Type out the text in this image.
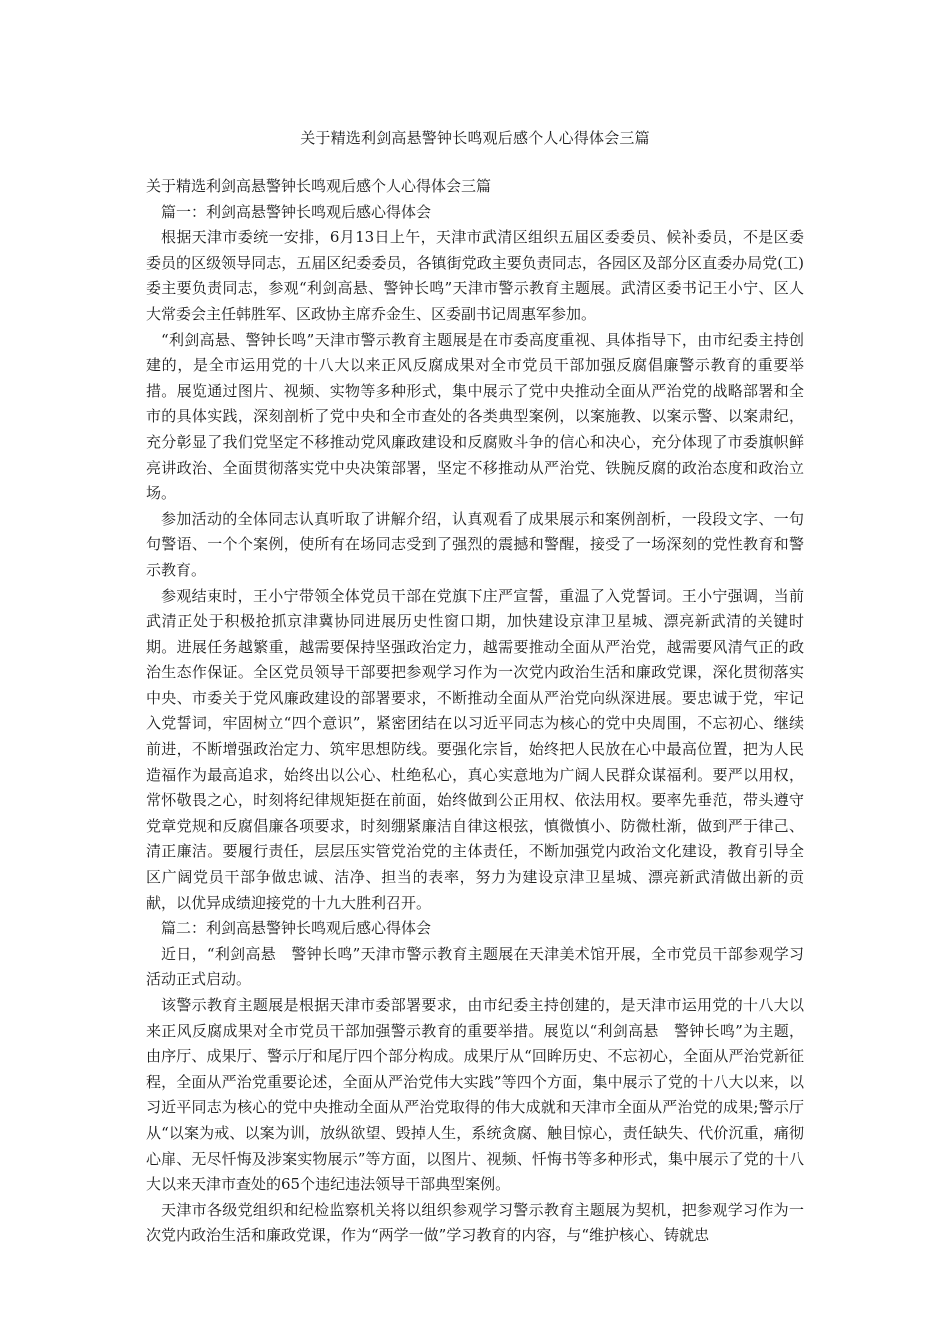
关于精选利剑高悬警钟长鸣观后感个人心得体会三篇

关于精选利剑高悬警钟长鸣观后感个人心得体会三篇

篇一：利剑高悬警钟长鸣观后感心得体会

根据天津市委统一安排，6月13日上午，天津市武清区组织五届区委委员、候补委员，不是区委委员的区级领导同志，五届区纪委委员，各镇街党政主要负责同志，各园区及部分区直委办局党(工)委主要负责同志，参观“利剑高悬、警钟长鸣”天津市警示教育主题展。武清区委书记王小宁、区人大常委会主任韩胜军、区政协主席乔金生、区委副书记周惠军参加。

“利剑高悬、警钟长鸣”天津市警示教育主题展是在市委高度重视、具体指导下，由市纪委主持创建的，是全市运用党的十八大以来正风反腐成果对全市党员干部加强反腐倡廉警示教育的重要举措。展览通过图片、视频、实物等多种形式，集中展示了党中央推动全面从严治党的战略部署和全市的具体实践，深刻剖析了党中央和全市查处的各类典型案例，以案施教、以案示警、以案肃纪，充分彰显了我们党坚定不移推动党风廉政建设和反腐败斗争的信心和决心，充分体现了市委旗帜鲜亮讲政治、全面贯彻落实党中央决策部署，坚定不移推动从严治党、铁腕反腐的政治态度和政治立场。

参加活动的全体同志认真听取了讲解介绍，认真观看了成果展示和案例剖析，一段段文字、一句句警语、一个个案例，使所有在场同志受到了强烈的震撼和警醒，接受了一场深刻的党性教育和警示教育。

参观结束时，王小宁带领全体党员干部在党旗下庄严宣誓，重温了入党誓词。王小宁强调，当前武清正处于积极抢抓京津冀协同进展历史性窗口期，加快建设京津卫星城、漂亮新武清的关键时期。进展任务越繁重，越需要保持坚强政治定力，越需要推动全面从严治党，越需要风清气正的政治生态作保证。全区党员领导干部要把参观学习作为一次党内政治生活和廉政党课，深化贯彻落实中央、市委关于党风廉政建设的部署要求，不断推动全面从严治党向纵深进展。要忠诚于党，牢记入党誓词，牢固树立“四个意识”，紧密团结在以习近平同志为核心的党中央周围，不忘初心、继续前进，不断增强政治定力、筑牢思想防线。要强化宗旨，始终把人民放在心中最高位置，把为人民造福作为最高追求，始终出以公心、杜绝私心，真心实意地为广阔人民群众谋福利。要严以用权，常怀敬畏之心，时刻将纪律规矩挺在前面，始终做到公正用权、依法用权。要率先垂范，带头遵守党章党规和反腐倡廉各项要求，时刻绷紧廉洁自律这根弦，慎微慎小、防微杜渐，做到严于律己、清正廉洁。要履行责任，层层压实管党治党的主体责任，不断加强党内政治文化建设，教育引导全区广阔党员干部争做忠诚、洁净、担当的表率，努力为建设京津卫星城、漂亮新武清做出新的贡献，以优异成绩迎接党的十九大胜利召开。

篇二：利剑高悬警钟长鸣观后感心得体会

近日，“利剑高悬　警钟长鸣”天津市警示教育主题展在天津美术馆开展，全市党员干部参观学习活动正式启动。

该警示教育主题展是根据天津市委部署要求，由市纪委主持创建的，是天津市运用党的十八大以来正风反腐成果对全市党员干部加强警示教育的重要举措。展览以“利剑高悬　警钟长鸣”为主题，由序厅、成果厅、警示厅和尾厅四个部分构成。成果厅从“回眸历史、不忘初心，全面从严治党新征程，全面从严治党重要论述，全面从严治党伟大实践”等四个方面，集中展示了党的十八大以来，以习近平同志为核心的党中央推动全面从严治党取得的伟大成就和天津市全面从严治党的成果;警示厅从“以案为戒、以案为训，放纵欲望、毁掉人生，系统贪腐、触目惊心，责任缺失、代价沉重，痛彻心扉、无尽忏悔及涉案实物展示”等方面，以图片、视频、忏悔书等多种形式，集中展示了党的十八大以来天津市查处的65个违纪违法领导干部典型案例。

天津市各级党组织和纪检监察机关将以组织参观学习警示教育主题展为契机，把参观学习作为一次党内政治生活和廉政党课，作为“两学一做”学习教育的内容，与“维护核心、铸就忠
